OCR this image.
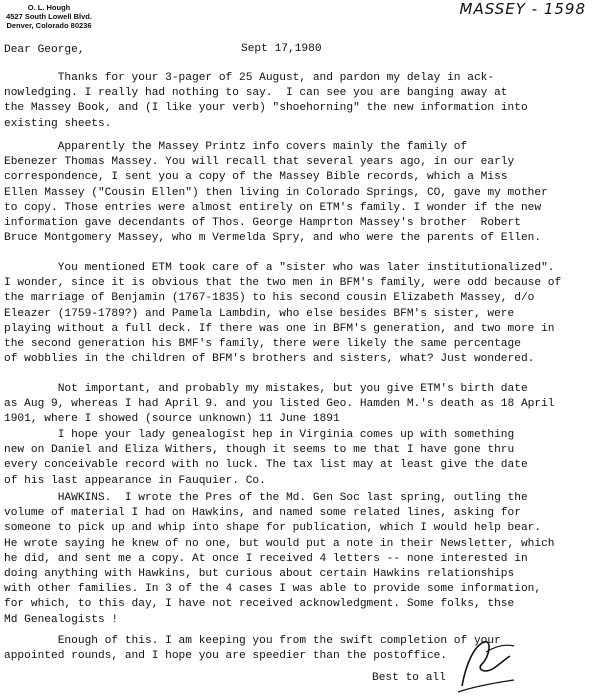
O. L. Hough
4527 South Lowell Blvd.
Denver, Colorado 80236
MASSEY - 1598
Dear George,	Sept 17,1980
Thanks for your 3-pager of 25 August, and pardon my delay in ack-
nowledging. I really had nothing to say.  I can see you are banging away at
the Massey Book, and (I like your verb) "shoehorning" the new information into
existing sheets.
Apparently the Massey Printz info covers mainly the family of
Ebenezer Thomas Massey. You will recall that several years ago, in our early
correspondence, I sent you a copy of the Massey Bible records, which a Miss
Ellen Massey ("Cousin Ellen") then living in Colorado Springs, CO, gave my mother
to copy. Those entries were almost entirely on ETM's family. I wonder if the new
information gave decendants of Thos. George Hamprton Massey's brother  Robert
Bruce Montgomery Massey, who m Vermelda Spry, and who were the parents of Ellen.
You mentioned ETM took care of a "sister who was later institutionalized".
I wonder, since it is obvious that the two men in BFM's family, were odd because of
the marriage of Benjamin (1767-1835) to his second cousin Elizabeth Massey, d/o
Eleazer (1759-1789?) and Pamela Lambdin, who else besides BFM's sister, were
playing without a full deck. If there was one in BFM's generation, and two more in
the second generation his BMF's family, there were likely the same percentage
of wobblies in the children of BFM's brothers and sisters, what? Just wondered.
Not important, and probably my mistakes, but you give ETM's birth date
as Aug 9, whereas I had April 9. and you listed Geo. Hamden M.'s death as 18 April
1901, where I showed (source unknown) 11 June 1891
I hope your lady genealogist hep in Virginia comes up with something
new on Daniel and Eliza Withers, though it seems to me that I have gone thru
every conceivable record with no luck. The tax list may at least give the date
of his last appearance in Fauquier. Co.
HAWKINS.  I wrote the Pres of the Md. Gen Soc last spring, outling the
volume of material I had on Hawkins, and named some related lines, asking for
someone to pick up and whip into shape for publication, which I would help bear.
He wrote saying he knew of no one, but would put a note in their Newsletter, which
he did, and sent me a copy. At once I received 4 letters -- none interested in
doing anything with Hawkins, but curious about certain Hawkins relationships
with other families. In 3 of the 4 cases I was able to provide some information,
for which, to this day, I have not received acknowledgment. Some folks, thse
Md Genealogists !
Enough of this. I am keeping you from the swift completion of your
appointed rounds, and I hope you are speedier than the postoffice.
Best to all
